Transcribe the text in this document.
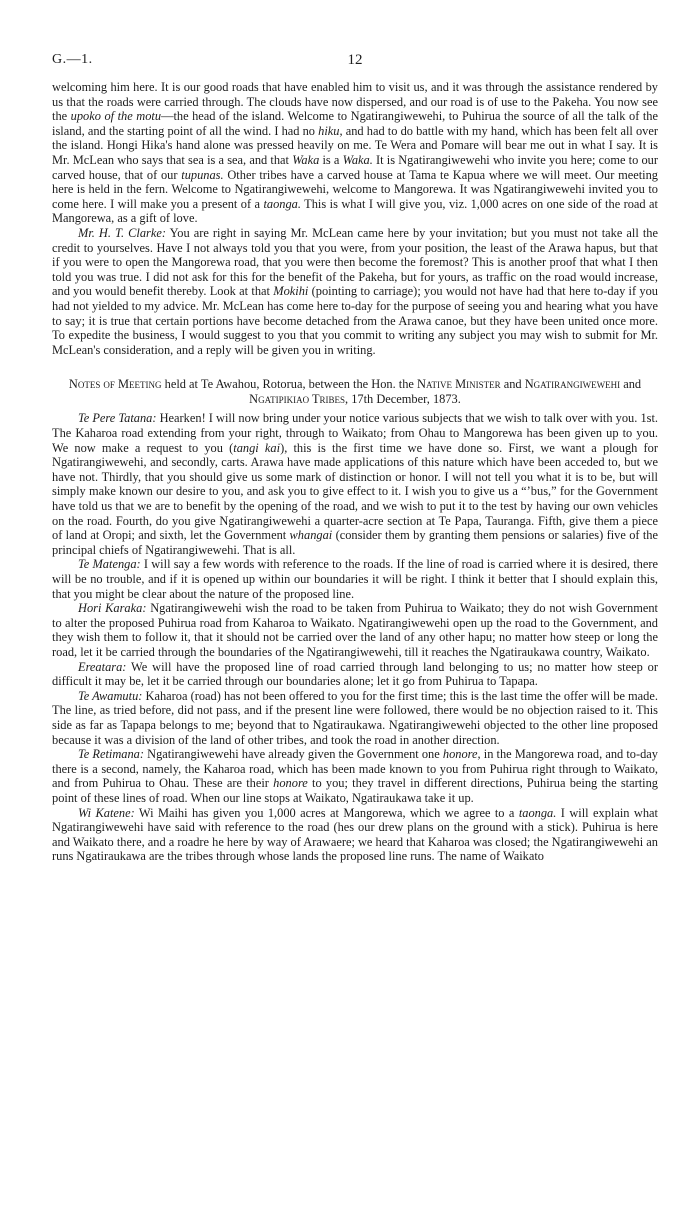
G.—1.	12

welcoming him here. It is our good roads that have enabled him to visit us, and it was through the assistance rendered by us that the roads were carried through. The clouds have now dispersed, and our road is of use to the Pakeha. You now see the upoko of the motu—the head of the island. Welcome to Ngatirangiwewehi, to Puhirua the source of all the talk of the island, and the starting point of all the wind. I had no hiku, and had to do battle with my hand, which has been felt all over the island. Hongi Hika's hand alone was pressed heavily on me. Te Wera and Pomare will bear me out in what I say. It is Mr. McLean who says that sea is a sea, and that Waka is a Waka. It is Ngatirangiwewehi who invite you here; come to our carved house, that of our tupunas. Other tribes have a carved house at Tama te Kapua where we will meet. Our meeting here is held in the fern. Welcome to Ngatirangiwewehi, welcome to Mangorewa. It was Ngatirangiwewehi invited you to come here. I will make you a present of a taonga. This is what I will give you, viz. 1,000 acres on one side of the road at Mangorewa, as a gift of love.

Mr. H. T. Clarke: You are right in saying Mr. McLean came here by your invitation; but you must not take all the credit to yourselves. Have I not always told you that you were, from your position, the least of the Arawa hapus, but that if you were to open the Mangorewa road, that you were then become the foremost? This is another proof that what I then told you was true. I did not ask for this for the benefit of the Pakeha, but for yours, as traffic on the road would increase, and you would benefit thereby. Look at that Mokihi (pointing to carriage); you would not have had that here to-day if you had not yielded to my advice. Mr. McLean has come here to-day for the purpose of seeing you and hearing what you have to say; it is true that certain portions have become detached from the Arawa canoe, but they have been united once more. To expedite the business, I would suggest to you that you commit to writing any subject you may wish to submit for Mr. McLean's consideration, and a reply will be given you in writing.

Notes of Meeting held at Te Awahou, Rotorua, between the Hon. the Native Minister and Ngatirangiwewehi and Ngatipikiao Tribes, 17th December, 1873.

Te Pere Tatana: Hearken! I will now bring under your notice various subjects that we wish to talk over with you. 1st. The Kaharoa road extending from your right, through to Waikato; from Ohau to Mangorewa has been given up to you. We now make a request to you (tangi kai), this is the first time we have done so. First, we want a plough for Ngatirangiwewehi, and secondly, carts. Arawa have made applications of this nature which have been acceded to, but we have not. Thirdly, that you should give us some mark of distinction or honor. I will not tell you what it is to be, but will simply make known our desire to you, and ask you to give effect to it. I wish you to give us a “’bus,” for the Government have told us that we are to benefit by the opening of the road, and we wish to put it to the test by having our own vehicles on the road. Fourth, do you give Ngatirangiwewehi a quarter-acre section at Te Papa, Tauranga. Fifth, give them a piece of land at Oropi; and sixth, let the Government whangai (consider them by granting them pensions or salaries) five of the principal chiefs of Ngatirangiwewehi. That is all.

Te Matenga: I will say a few words with reference to the roads. If the line of road is carried where it is desired, there will be no trouble, and if it is opened up within our boundaries it will be right. I think it better that I should explain this, that you might be clear about the nature of the proposed line.

Hori Karaka: Ngatirangiwewehi wish the road to be taken from Puhirua to Waikato; they do not wish Government to alter the proposed Puhirua road from Kaharoa to Waikato. Ngatirangiwewehi open up the road to the Government, and they wish them to follow it, that it should not be carried over the land of any other hapu; no matter how steep or long the road, let it be carried through the boundaries of the Ngatirangiwewehi, till it reaches the Ngatiraukawa country, Waikato.

Ereatara: We will have the proposed line of road carried through land belonging to us; no matter how steep or difficult it may be, let it be carried through our boundaries alone; let it go from Puhirua to Tapapa.

Te Awamutu: Kaharoa (road) has not been offered to you for the first time; this is the last time the offer will be made. The line, as tried before, did not pass, and if the present line were followed, there would be no objection raised to it. This side as far as Tapapa belongs to me; beyond that to Ngatiraukawa. Ngatirangiwewehi objected to the other line proposed because it was a division of the land of other tribes, and took the road in another direction.

Te Retimana: Ngatirangiwewehi have already given the Government one honore, in the Mangorewa road, and to-day there is a second, namely, the Kaharoa road, which has been made known to you from Puhirua right through to Waikato, and from Puhirua to Ohau. These are their honore to you; they travel in different directions, Puhirua being the starting point of these lines of road. When our line stops at Waikato, Ngatiraukawa take it up.

Wi Katene: Wi Maihi has given you 1,000 acres at Mangorewa, which we agree to a taonga. I will explain what Ngatirangiwewehi have said with reference to the road (hes our drew plans on the ground with a stick). Puhirua is here and Waikato there, and a roadre he here by way of Arawaere; we heard that Kaharoa was closed; the Ngatirangiwewehi an runs Ngatiraukawa are the tribes through whose lands the proposed line runs. The name of Waikato
